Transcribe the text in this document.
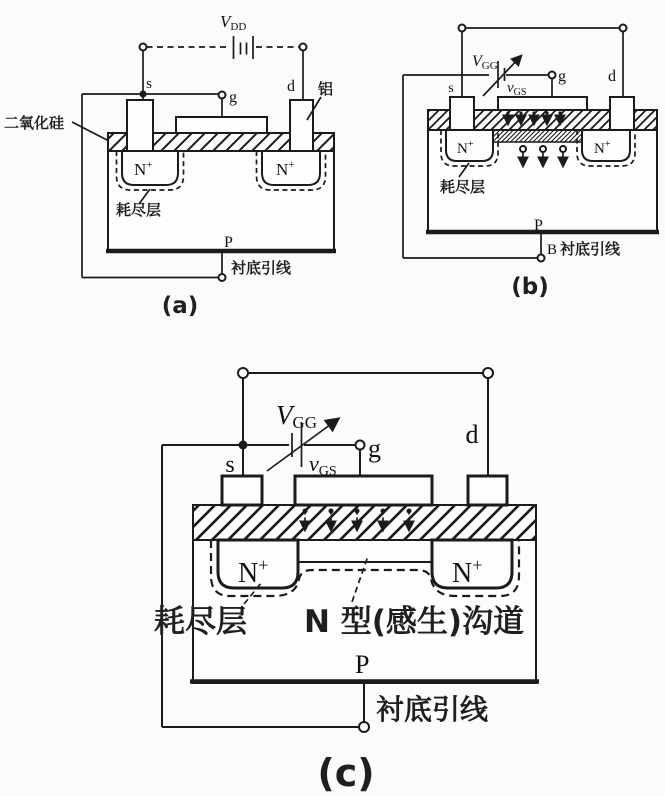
VDD
s
g
d
二氧化硅
铝
N+	N+
耗尽层
P
衬底引线
(a)
VGG
$v_{GS}$
s
g	d
N+	N+
耗尽层
P
B 衬底引线
(b)
VGG
vGS
s
g	d
N+	N+
耗尽层 N 型(感生)沟道
P
衬底引线
(c)
